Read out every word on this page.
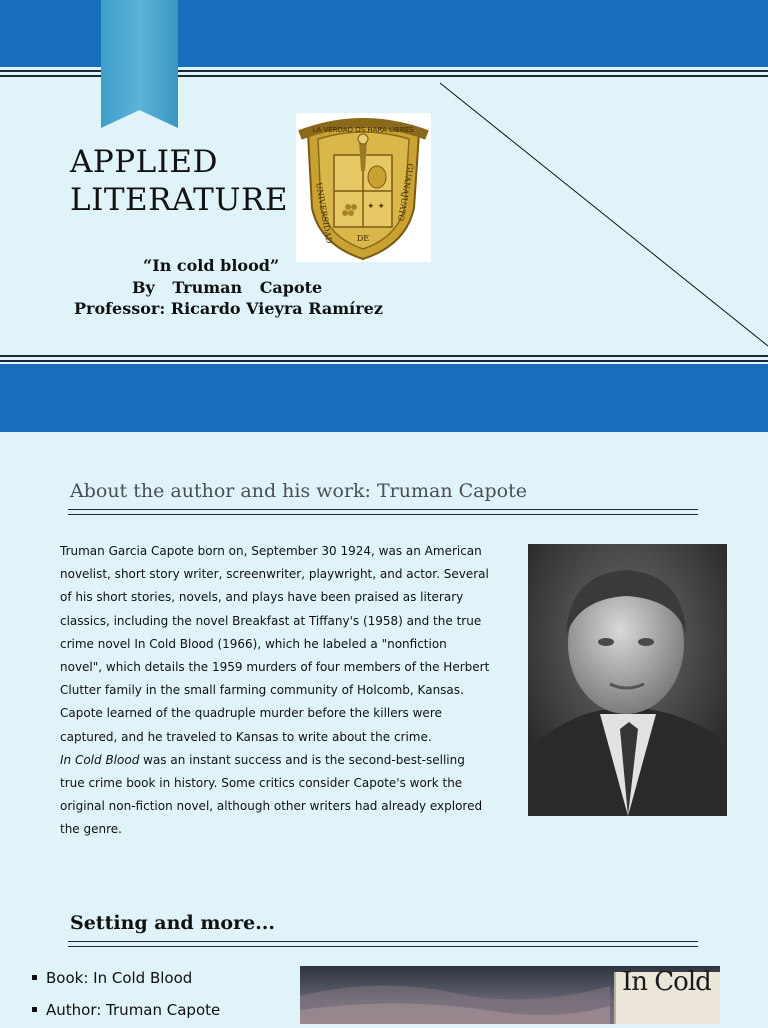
APPLIED
LITERATURE
LA VERDAD OS HARA LIBRES
✦ ✦
UNIVERSIDAD	DE
GUANAJUATO
“In cold blood”
By Truman Capote
Professor: Ricardo Vieyra Ramírez
About the author and his work: Truman Capote

Truman Garcia Capote born on, September 30 1924, was an American novelist, short story writer, screenwriter, playwright, and actor. Several of his short stories, novels, and plays have been praised as literary classics, including the novel Breakfast at Tiffany's (1958) and the true crime novel In Cold Blood (1966), which he labeled a "nonfiction novel", which details the 1959 murders of four members of the Herbert Clutter family in the small farming community of Holcomb, Kansas.

Capote learned of the quadruple murder before the killers were captured, and he traveled to Kansas to write about the crime.

In Cold Blood was an instant success and is the second-best-selling true crime book in history. Some critics consider Capote's work the original non-fiction novel, although other writers had already explored the genre.

Setting and more...
Book: In Cold Blood
Author: Truman Capote
In Cold
